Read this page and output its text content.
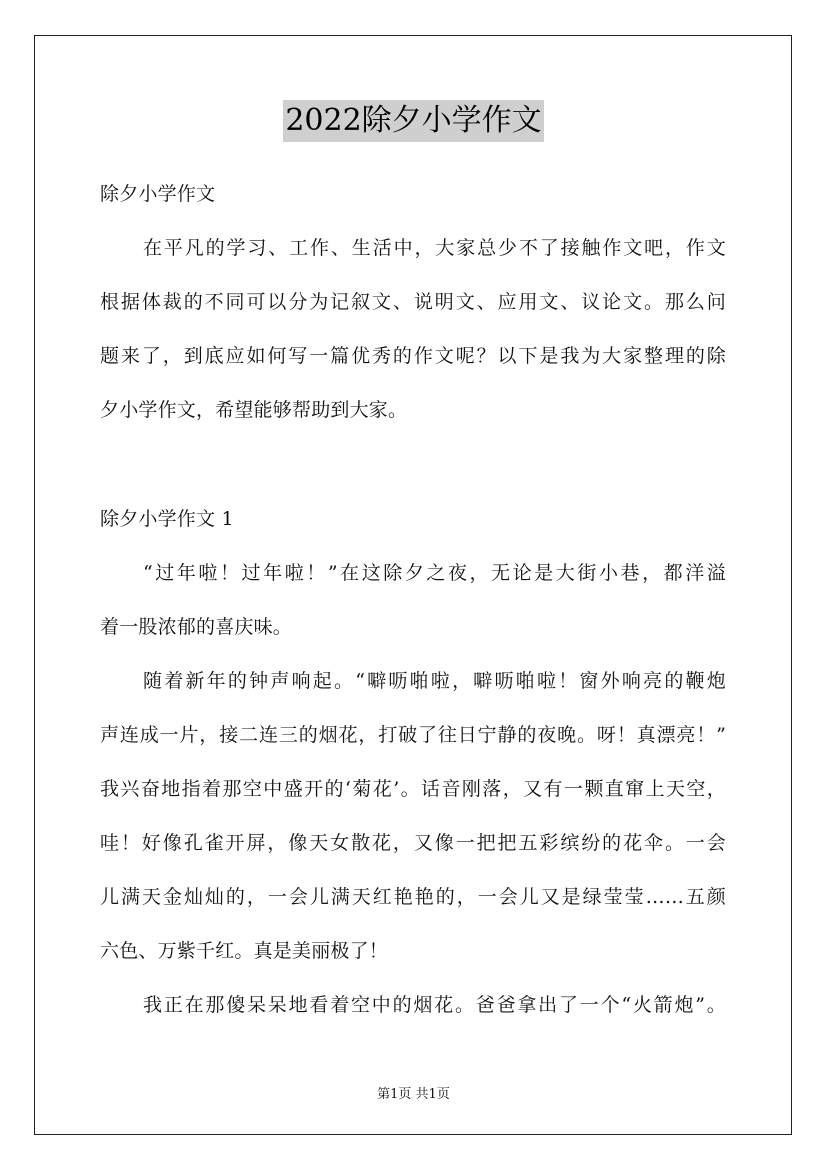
2022除夕小学作文
除夕小学作文
在平凡的学习、工作、生活中，大家总少不了接触作文吧，作文
根据体裁的不同可以分为记叙文、说明文、应用文、议论文。那么问
题来了，到底应如何写一篇优秀的作文呢？以下是我为大家整理的除
夕小学作文，希望能够帮助到大家。
除夕小学作文 1
“过年啦！过年啦！”在这除夕之夜，无论是大街小巷，都洋溢
着一股浓郁的喜庆味。
随着新年的钟声响起。“噼呖啪啦，噼呖啪啦！窗外响亮的鞭炮
声连成一片，接二连三的烟花，打破了往日宁静的夜晚。呀！真漂亮！”
我兴奋地指着那空中盛开的‘菊花’。话音刚落，又有一颗直窜上天空，
哇！好像孔雀开屏，像天女散花，又像一把把五彩缤纷的花伞。一会
儿满天金灿灿的，一会儿满天红艳艳的，一会儿又是绿莹莹……五颜
六色、万紫千红。真是美丽极了！
我正在那傻呆呆地看着空中的烟花。爸爸拿出了一个“火箭炮”。
第1页 共1页
